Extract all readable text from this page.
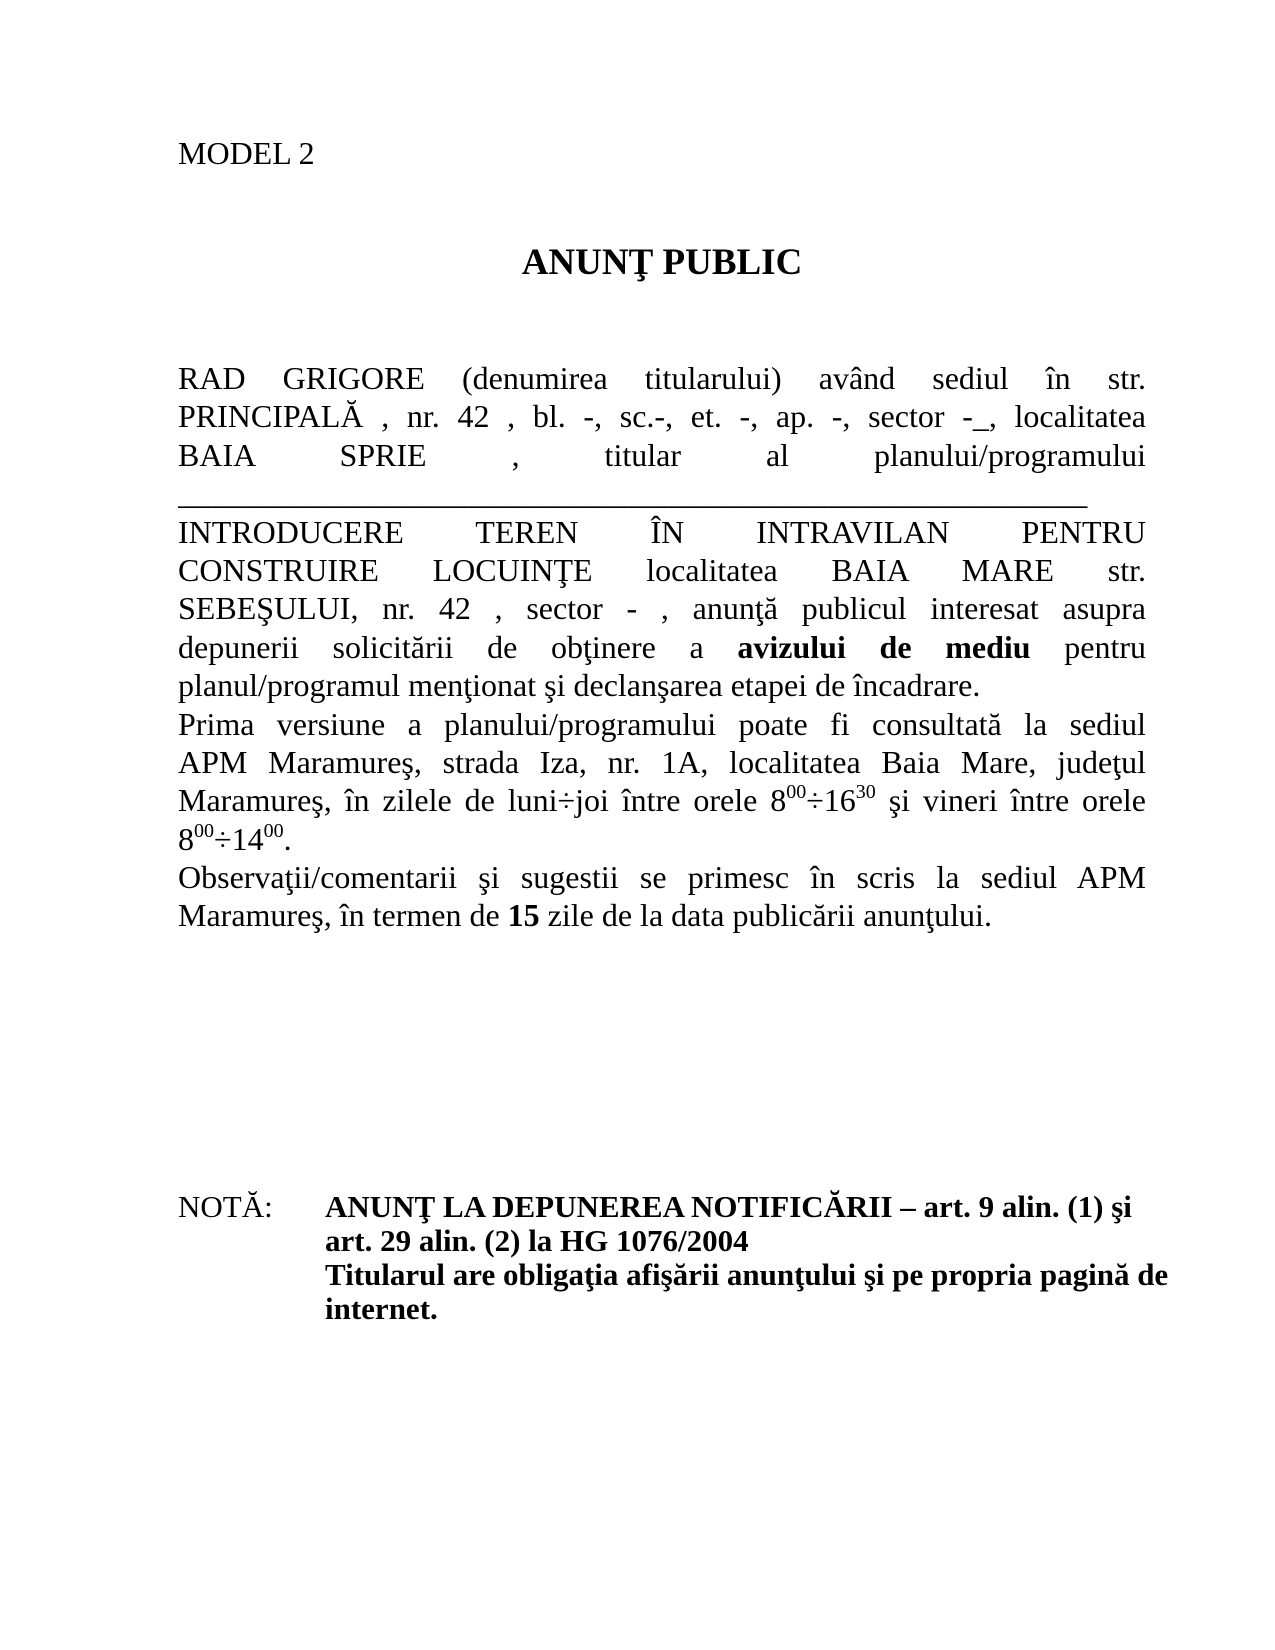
MODEL 2
ANUNŢ PUBLIC
RAD GRIGORE (denumirea titularului) având sediul în str.
PRINCIPALĂ , nr. 42 , bl. -, sc.-, et. -, ap. -, sector -_, localitatea
BAIA SPRIE , titular al planului/programului
___________________________________________________________
INTRODUCERE TEREN ÎN INTRAVILAN PENTRU
CONSTRUIRE LOCUINŢE localitatea BAIA MARE str.
SEBEŞULUI, nr. 42 , sector - , anunţă publicul interesat asupra
depunerii solicitării de obţinere a avizului de mediu pentru
planul/programul menţionat şi declanşarea etapei de încadrare.
Prima versiune a planului/programului poate fi consultată la sediul
APM Maramureş, strada Iza, nr. 1A, localitatea Baia Mare, judeţul
Maramureş, în zilele de luni÷joi între orele $8^{00}\div 16^{30}$ şi vineri între orele
$8^{00}\div 14^{00}$.
Observaţii/comentarii şi sugestii se primesc în scris la sediul APM
Maramureş, în termen de 15 zile de la data publicării anunţului.
NOTĂ:	ANUNŢ LA DEPUNEREA NOTIFICĂRII – art. 9 alin. (1) şi
art. 29 alin. (2) la HG 1076/2004
Titularul are obligaţia afişării anunţului şi pe propria pagină de
internet.
